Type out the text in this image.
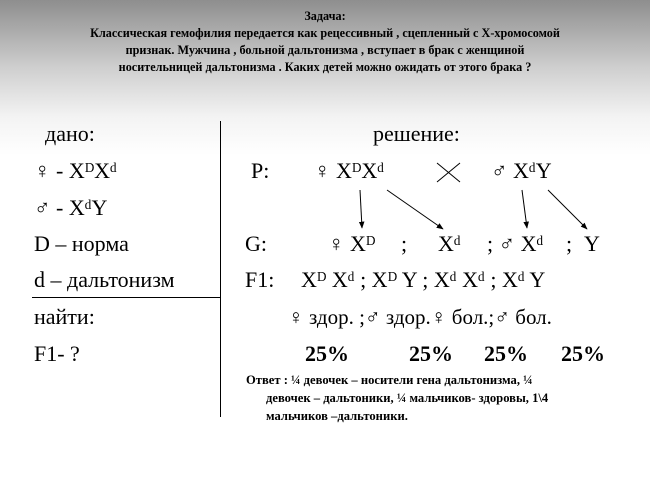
Задача:
Классическая гемофилия передается как рецессивный , сцепленный с X-хромосомой
признак. Мужчина , больной дальтонизма , вступает в брак с женщиной
носительницей дальтонизма . Каких детей можно ожидать от этого брака ?
дано:
♀ - XᴰXᵈ
♂ - XᵈY
D – норма
d – дальтонизм
найти:
F1- ?
решение:
P: ♀ XᴰXᵈ	♂ XᵈY
G:	♀ Xᴰ ; Xᵈ ; ♂ Xᵈ ; Y
F1: Xᴰ Xᵈ ; Xᴰ Y ; Xᵈ Xᵈ ; Xᵈ Y
♀ здор. ;♂ здор.♀ бол.;♂ бол.
25%	25% 25% 25%
Ответ : ¼ девочек – носители гена дальтонизма, ¼
девочек – дальтоники, ¼ мальчиков- здоровы, 1\4
мальчиков –дальтоники.
